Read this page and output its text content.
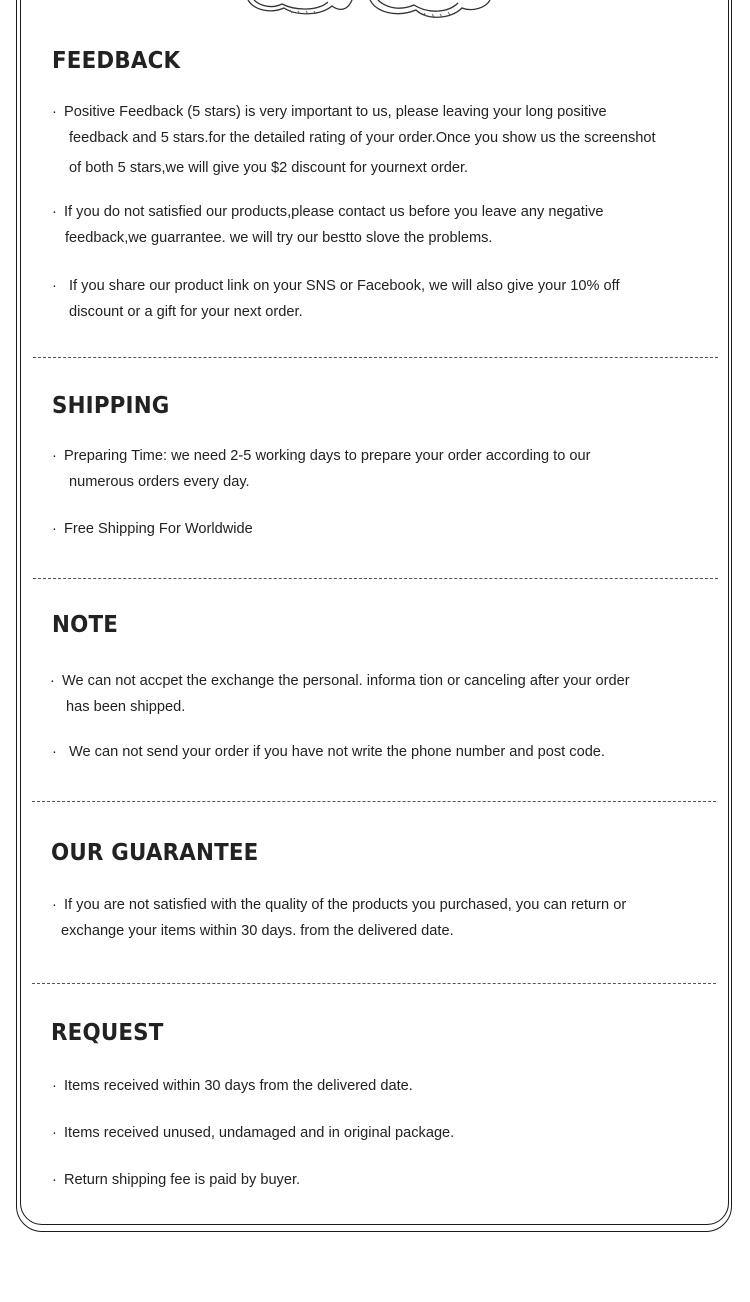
FEEDBACK
· Positive Feedback (5 stars) is very important to us, please leaving your long positive
feedback and 5 stars.for the detailed rating of your order.Once you show us the screenshot
of both 5 stars,we will give you $2 discount for yournext order.
· If you do not satisfied our products,please contact us before you leave any negative
feedback,we guarrantee. we will try our bestto slove the problems.
· If you share our product link on your SNS or Facebook, we will also give your 10% off
discount or a gift for your next order.
SHIPPING
· Preparing Time: we need 2-5 working days to prepare your order according to our
numerous orders every day.
· Free Shipping For Worldwide
NOTE
· We can not accpet the exchange the personal. informa tion or canceling after your order
has been shipped.
· We can not send your order if you have not write the phone number and post code.
OUR GUARANTEE
· If you are not satisfied with the quality of the products you purchased, you can return or
exchange your items within 30 days. from the delivered date.
REQUEST
· Items received within 30 days from the delivered date.
· Items received unused, undamaged and in original package.
· Return shipping fee is paid by buyer.
